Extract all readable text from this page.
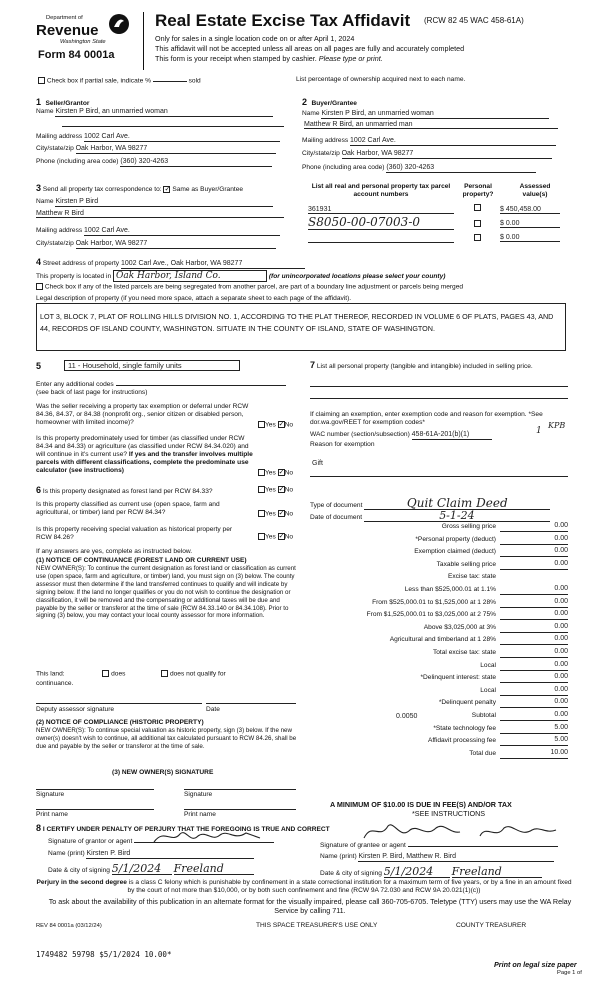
Department of
Revenue
Washington State
Form 84 0001a
Real Estate Excise Tax Affidavit (RCW 82 45 WAC 458-61A)
Only for sales in a single location code on or after April 1, 2024
This affidavit will not be accepted unless all areas on all pages are fully and accurately completed
This form is your receipt when stamped by cashier. Please type or print.
Check box if partial sale, indicate %	sold	List percentage of ownership acquired next to each name.
1 Seller/Grantor
Name Kirsten P Bird, an unmarried woman
Mailing address 1002 Carl Ave.
City/state/zip Oak Harbor, WA 98277
Phone (including area code) (360) 320-4263
2 Buyer/Grantee
Name Kirsten P Bird, an unmarried woman
Matthew R Bird, an unmarried man
Mailing address 1002 Carl Ave.
City/state/zip Oak Harbor, WA 98277
Phone (including area code) (360) 320-4263
3 Send all property tax correspondence to: ✓ Same as Buyer/Grantee
Name Kirsten P Bird
Matthew R Bird
Mailing address 1002 Carl Ave.
City/state/zip Oak Harbor, WA 98277
List all real and personal property tax parcel account numbers
Personal property?
Assessed value(s)
361931	$ 450,458.00
S8050-00-07003-0	$ 0.00
$ 0.00
4 Street address of property 1002 Carl Ave., Oak Harbor, WA 98277
This property is located in Oak Harbor, Island Co.	(for unincorporated locations please select your county)
Check box if any of the listed parcels are being segregated from another parcel, are part of a boundary line adjustment or parcels being merged
Legal description of property (if you need more space, attach a separate sheet to each page of the affidavit).
LOT 3, BLOCK 7, PLAT OF ROLLING HILLS DIVISION NO. 1, ACCORDING TO THE PLAT THEREOF, RECORDED IN VOLUME 6 OF PLATS, PAGES 43, AND 44, RECORDS OF ISLAND COUNTY, WASHINGTON. SITUATE IN THE COUNTY OF ISLAND, STATE OF WASHINGTON.
5	11 - Household, single family units
Enter any additional codes
(see back of last page for instructions)
Was the seller receiving a property tax exemption or deferral under RCW 84.36, 84.37, or 84.38 (nonprofit org., senior citizen or disabled person, homeowner with limited income)?	Yes ✓No
Is this property predominately used for timber (as classified under RCW 84.34 and 84.33) or agriculture (as classified under RCW 84.34.020) and will continue in it's current use? If yes and the transfer involves multiple parcels with different classifications, complete the predominate use calculator (see instructions)	Yes ✓No
6 Is this property designated as forest land per RCW 84.33?	Yes ✓No
Is this property classified as current use (open space, farm and agricultural, or timber) land per RCW 84.34?	Yes ✓No
Is this property receiving special valuation as historical property per RCW 84.26?	Yes ✓No
If any answers are yes, complete as instructed below.
(1) NOTICE OF CONTINUANCE (FOREST LAND OR CURRENT USE)
NEW OWNER(S): To continue the current designation as forest land or classification as current use (open space, farm and agriculture, or timber) land, you must sign on (3) below. The county assessor must then determine if the land transferred continues to qualify and will indicate by signing below. If the land no longer qualifies or you do not wish to continue the designation or classification, it will be removed and the compensating or additional taxes will be due and payable by the seller or transferor at the time of sale (RCW 84.33.140 or 84.34.108). Prior to signing (3) below, you may contact your local county assessor for more information.
This land:	does	does not qualify for
continuance.
Deputy assessor signature	Date
(2) NOTICE OF COMPLIANCE (HISTORIC PROPERTY)
NEW OWNER(S): To continue special valuation as historic property, sign (3) below. If the new owner(s) doesn't wish to continue, all additional tax calculated pursuant to RCW 84.26, shall be due and payable by the seller or transferor at the time of sale.
(3) NEW OWNER(S) SIGNATURE
Signature	Signature
Print name	Print name
7 List all personal property (tangible and intangible) included in selling price.
If claiming an exemption, enter exemption code and reason for exemption. *See dor.wa.gov/REET for exemption codes*
WAC number (section/subsection) 458-61A-201(b)(1)	1
KPB
Reason for exemption
Gift
Type of document	Quit Claim Deed
Date of document	5-1-24
Gross selling price	0.00
*Personal property (deduct)	0.00
Exemption claimed (deduct)	0.00
Taxable selling price	0.00
Excise tax: state
Less than $525,000.01 at 1.1%	0.00
From $525,000.01 to $1,525,000 at 1 28%	0.00
From $1,525,000.01 to $3,025,000 at 2 75%	0.00
Above $3,025,000 at 3%	0.00
Agricultural and timberland at 1 28%	0.00
Total excise tax: state	0.00
Local	0.00
*Delinquent interest: state	0.00
Local	0.00
*Delinquent penalty	0.00
Subtotal	0.00
*State technology fee	5.00
Affidavit processing fee	5.00
Total due	10.00
0.0050
A MINIMUM OF $10.00 IS DUE IN FEE(S) AND/OR TAX
*SEE INSTRUCTIONS
8 I CERTIFY UNDER PENALTY OF PERJURY THAT THE FOREGOING IS TRUE AND CORRECT
Signature of grantor or agent
Name (print) Kirsten P. Bird
Date & city of signing 5/1/2024 Freeland
Signature of grantee or agent
Name (print) Kirsten P. Bird, Matthew R. Bird
Date & city of signing 5/1/2024 Freeland
Perjury in the second degree is a class C felony which is punishable by confinement in a state correctional institution for a maximum term of five years, or by a fine in an amount fixed by the court of not more than $10,000, or by both such confinement and fine (RCW 9A 72.030 and RCW 9A 20.021(1)(c))
To ask about the availability of this publication in an alternate format for the visually impaired, please call 360-705-6705. Teletype (TTY) users may use the WA Relay Service by calling 711.
REV 84 0001a (03/12/24)	THIS SPACE TREASURER'S USE ONLY	COUNTY TREASURER
1749482 59798 $5/1/2024 10.00*
Print on legal size paper
Page 1 of
